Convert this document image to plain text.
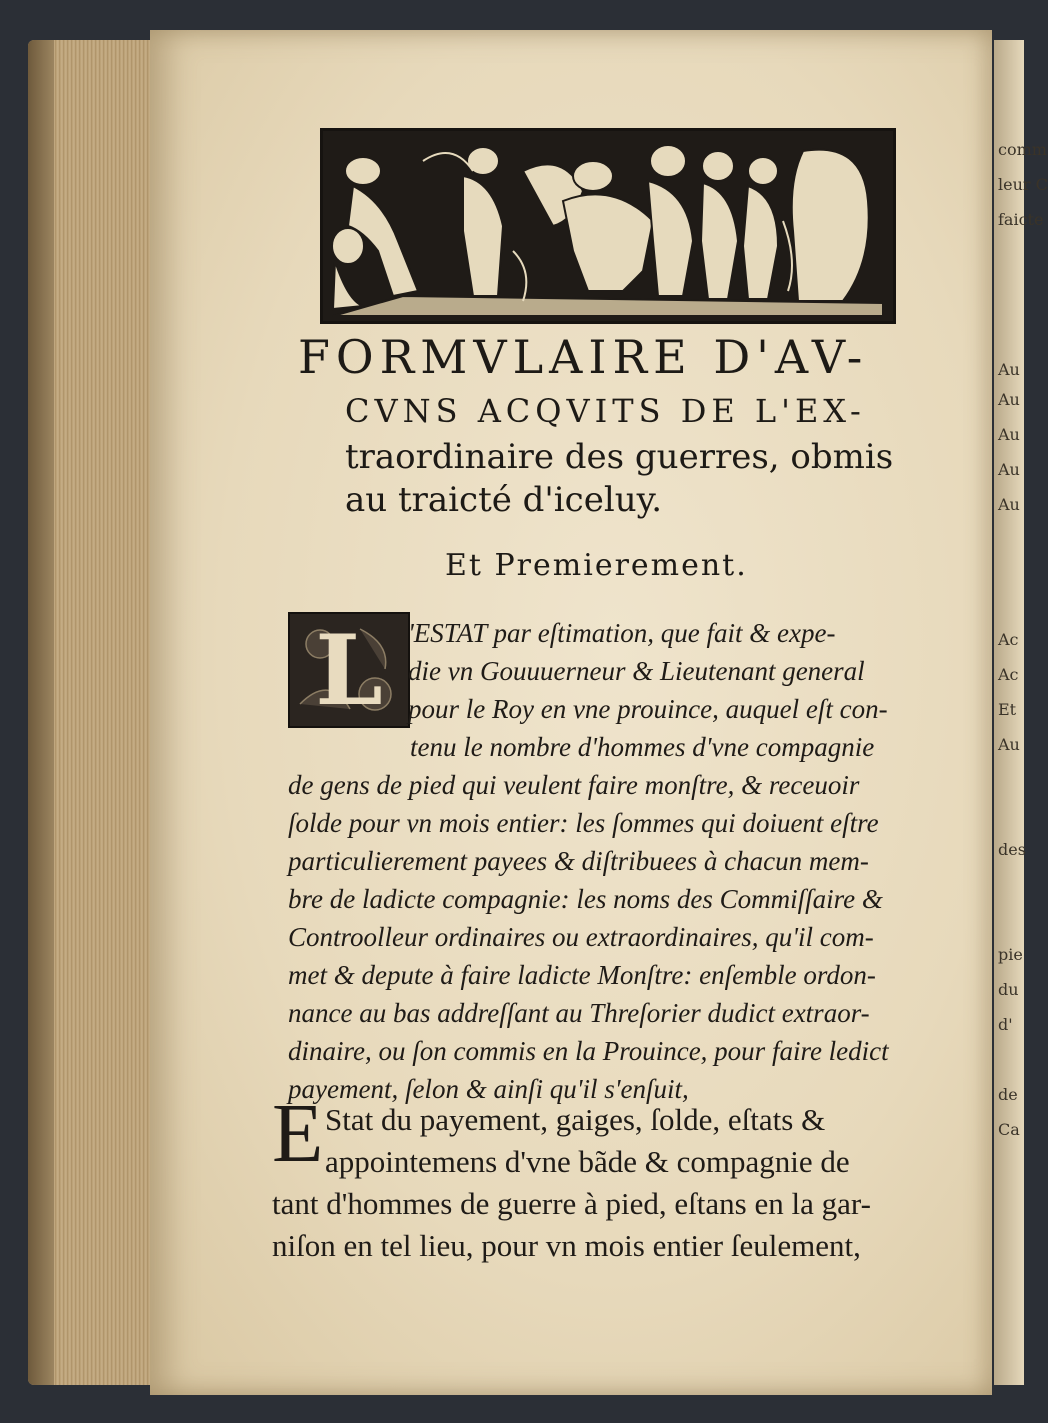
comm
leur C
faicte
Au
Au
Au
Au
Au
Ac
Ac
Et
Au
des
pie
du
d'
de
Ca

FORMVLAIRE D'AV-
CVNS ACQVITS DE L'EX-
traordinaire des guerres, obmis
au traicté d'iceluy.
Et Premierement.
L 'ESTAT par eſtimation, que fait & expe-
die vn Gouuuerneur & Lieutenant general
pour le Roy en vne prouince, auquel eſt con-
tenu le nombre d'hommes d'vne compagnie
de gens de pied qui veulent faire monſtre, & receuoir
ſolde pour vn mois entier: les ſommes qui doiuent eſtre
particulierement payees & diſtribuees à chacun mem-
bre de ladicte compagnie: les noms des Commiſſaire &
Controolleur ordinaires ou extraordinaires, qu'il com-
met & depute à faire ladicte Monſtre: enſemble ordon-
nance au bas addreſſant au Threſorier dudict extraor-
dinaire, ou ſon commis en la Prouince, pour faire ledict
payement, ſelon & ainſi qu'il s'enſuit,
E Stat du payement, gaiges, ſolde, eſtats &
appointemens d'vne bãde & compagnie de
tant d'hommes de guerre à pied, eſtans en la gar-
niſon en tel lieu, pour vn mois entier ſeulement,
